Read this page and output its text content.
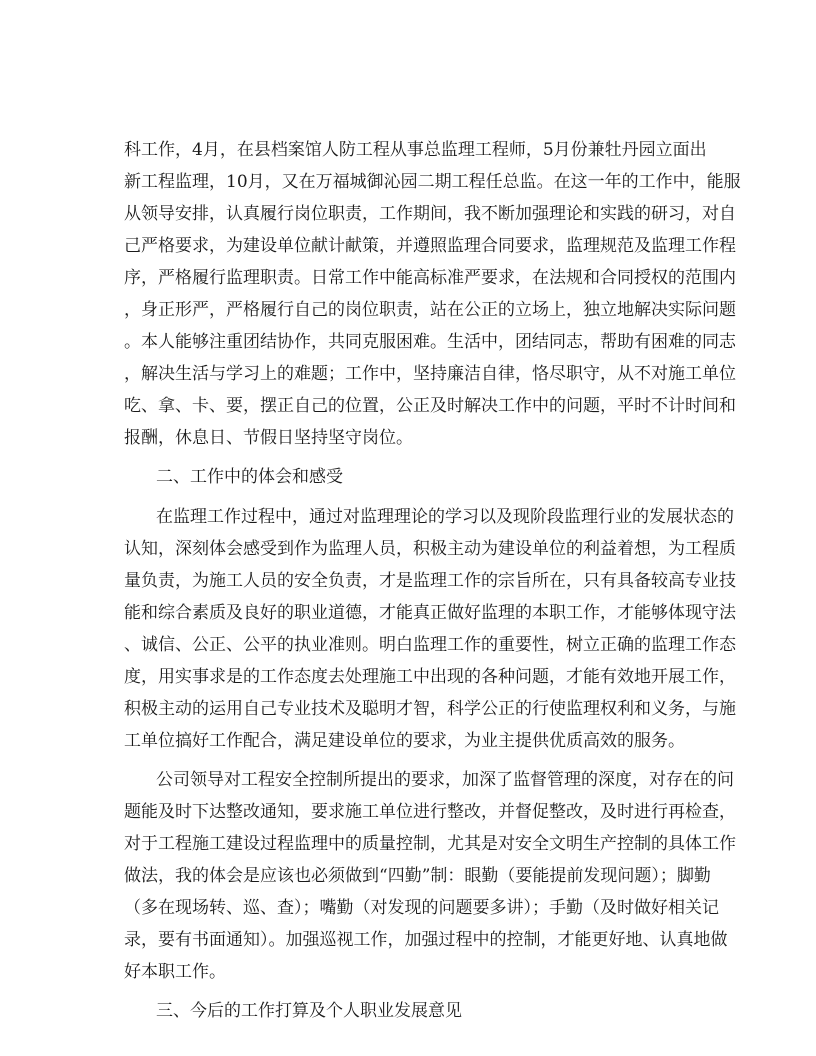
科工作，4月，在县档案馆人防工程从事总监理工程师，5月份兼牡丹园立面出
新工程监理，10月，又在万福城御沁园二期工程任总监。在这一年的工作中，能服
从领导安排，认真履行岗位职责，工作期间，我不断加强理论和实践的研习，对自
己严格要求，为建设单位献计献策，并遵照监理合同要求，监理规范及监理工作程
序，严格履行监理职责。日常工作中能高标准严要求，在法规和合同授权的范围内
，身正形严，严格履行自己的岗位职责，站在公正的立场上，独立地解决实际问题
。本人能够注重团结协作，共同克服困难。生活中，团结同志，帮助有困难的同志
，解决生活与学习上的难题；工作中，坚持廉洁自律，恪尽职守，从不对施工单位
吃、拿、卡、要，摆正自己的位置，公正及时解决工作中的问题，平时不计时间和
报酬，休息日、节假日坚持坚守岗位。
二、工作中的体会和感受
在监理工作过程中，通过对监理理论的学习以及现阶段监理行业的发展状态的
认知，深刻体会感受到作为监理人员，积极主动为建设单位的利益着想，为工程质
量负责，为施工人员的安全负责，才是监理工作的宗旨所在，只有具备较高专业技
能和综合素质及良好的职业道德，才能真正做好监理的本职工作，才能够体现守法
、诚信、公正、公平的执业准则。明白监理工作的重要性，树立正确的监理工作态
度，用实事求是的工作态度去处理施工中出现的各种问题，才能有效地开展工作，
积极主动的运用自己专业技术及聪明才智，科学公正的行使监理权利和义务，与施
工单位搞好工作配合，满足建设单位的要求，为业主提供优质高效的服务。
公司领导对工程安全控制所提出的要求，加深了监督管理的深度，对存在的问
题能及时下达整改通知，要求施工单位进行整改，并督促整改，及时进行再检查，
对于工程施工建设过程监理中的质量控制，尤其是对安全文明生产控制的具体工作
做法，我的体会是应该也必须做到“四勤”制：眼勤（要能提前发现问题）；脚勤
（多在现场转、巡、查）；嘴勤（对发现的问题要多讲）；手勤（及时做好相关记
录，要有书面通知）。加强巡视工作，加强过程中的控制，才能更好地、认真地做
好本职工作。
三、今后的工作打算及个人职业发展意见
